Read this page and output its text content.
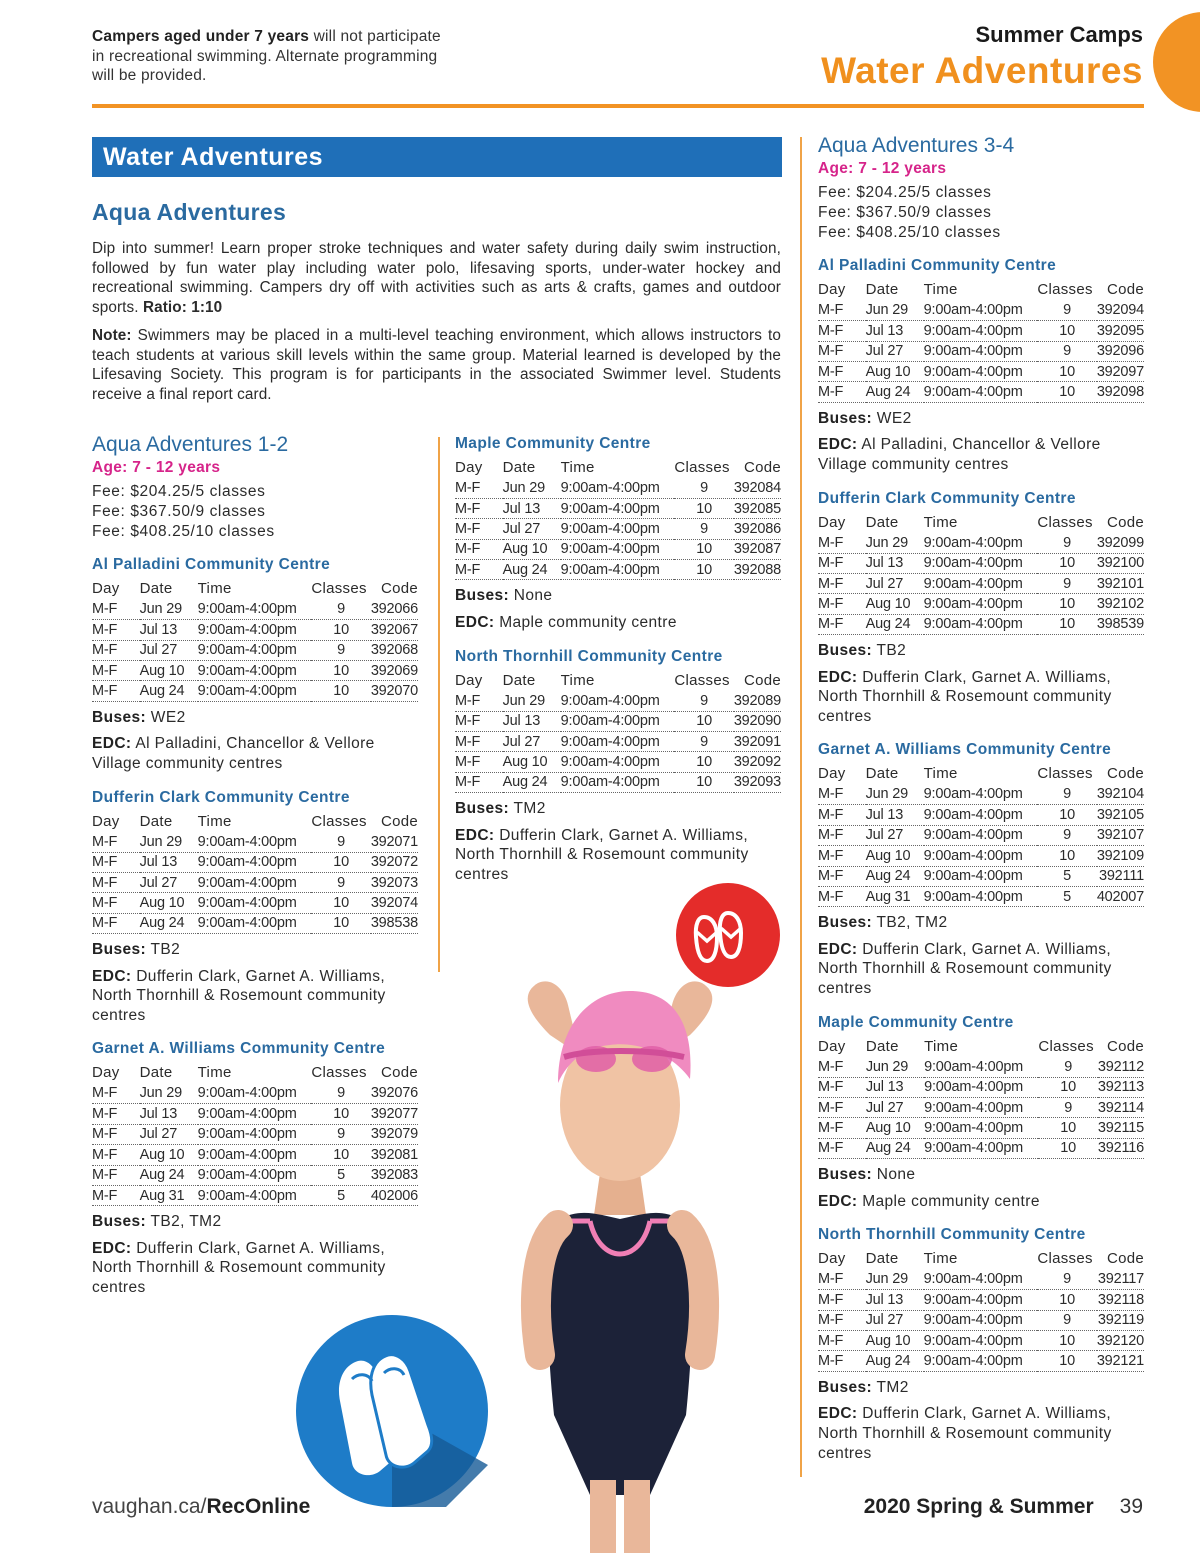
Campers aged under 7 years will not participate in recreational swimming. Alternate programming will be provided.
Summer Camps
Water Adventures
Water Adventures
Aqua Adventures
Dip into summer! Learn proper stroke techniques and water safety during daily swim instruction, followed by fun water play including water polo, lifesaving sports, under-water hockey and recreational swimming. Campers dry off with activities such as arts & crafts, games and outdoor sports. Ratio: 1:10
Note: Swimmers may be placed in a multi-level teaching environment, which allows instructors to teach students at various skill levels within the same group. Material learned is developed by the Lifesaving Society. This program is for participants in the associated Swimmer level. Students receive a final report card.
Aqua Adventures 1-2
Age: 7 - 12 years
Fee: $204.25/5 classes
Fee: $367.50/9 classes
Fee: $408.25/10 classes
Al Palladini Community Centre
Day	Date	Time	Classes	Code
M-F	Jun 29	9:00am-4:00pm	9	392066
M-F	Jul 13	9:00am-4:00pm	10	392067
M-F	Jul 27	9:00am-4:00pm	9	392068
M-F	Aug 10	9:00am-4:00pm	10	392069
M-F	Aug 24	9:00am-4:00pm	10	392070
Buses: WE2
EDC: Al Palladini, Chancellor & Vellore Village community centres
Dufferin Clark Community Centre
Day	Date	Time	Classes	Code
M-F	Jun 29	9:00am-4:00pm	9	392071
M-F	Jul 13	9:00am-4:00pm	10	392072
M-F	Jul 27	9:00am-4:00pm	9	392073
M-F	Aug 10	9:00am-4:00pm	10	392074
M-F	Aug 24	9:00am-4:00pm	10	398538
Buses: TB2
EDC: Dufferin Clark, Garnet A. Williams, North Thornhill & Rosemount community centres
Garnet A. Williams Community Centre
Day	Date	Time	Classes	Code
M-F	Jun 29	9:00am-4:00pm	9	392076
M-F	Jul 13	9:00am-4:00pm	10	392077
M-F	Jul 27	9:00am-4:00pm	9	392079
M-F	Aug 10	9:00am-4:00pm	10	392081
M-F	Aug 24	9:00am-4:00pm	5	392083
M-F	Aug 31	9:00am-4:00pm	5	402006
Buses: TB2, TM2
EDC: Dufferin Clark, Garnet A. Williams, North Thornhill & Rosemount community centres
Maple Community Centre
Day	Date	Time	Classes	Code
M-F	Jun 29	9:00am-4:00pm	9	392084
M-F	Jul 13	9:00am-4:00pm	10	392085
M-F	Jul 27	9:00am-4:00pm	9	392086
M-F	Aug 10	9:00am-4:00pm	10	392087
M-F	Aug 24	9:00am-4:00pm	10	392088
Buses: None
EDC: Maple community centre
North Thornhill Community Centre
Day	Date	Time	Classes	Code
M-F	Jun 29	9:00am-4:00pm	9	392089
M-F	Jul 13	9:00am-4:00pm	10	392090
M-F	Jul 27	9:00am-4:00pm	9	392091
M-F	Aug 10	9:00am-4:00pm	10	392092
M-F	Aug 24	9:00am-4:00pm	10	392093
Buses: TM2
EDC: Dufferin Clark, Garnet A. Williams, North Thornhill & Rosemount community centres
Aqua Adventures 3-4
Age: 7 - 12 years
Fee: $204.25/5 classes
Fee: $367.50/9 classes
Fee: $408.25/10 classes
Al Palladini Community Centre
Day	Date	Time	Classes	Code
M-F	Jun 29	9:00am-4:00pm	9	392094
M-F	Jul 13	9:00am-4:00pm	10	392095
M-F	Jul 27	9:00am-4:00pm	9	392096
M-F	Aug 10	9:00am-4:00pm	10	392097
M-F	Aug 24	9:00am-4:00pm	10	392098
Buses: WE2
EDC: Al Palladini, Chancellor & Vellore Village community centres
Dufferin Clark Community Centre
Day	Date	Time	Classes	Code
M-F	Jun 29	9:00am-4:00pm	9	392099
M-F	Jul 13	9:00am-4:00pm	10	392100
M-F	Jul 27	9:00am-4:00pm	9	392101
M-F	Aug 10	9:00am-4:00pm	10	392102
M-F	Aug 24	9:00am-4:00pm	10	398539
Buses: TB2
EDC: Dufferin Clark, Garnet A. Williams, North Thornhill & Rosemount community centres
Garnet A. Williams Community Centre
Day	Date	Time	Classes	Code
M-F	Jun 29	9:00am-4:00pm	9	392104
M-F	Jul 13	9:00am-4:00pm	10	392105
M-F	Jul 27	9:00am-4:00pm	9	392107
M-F	Aug 10	9:00am-4:00pm	10	392109
M-F	Aug 24	9:00am-4:00pm	5	392111
M-F	Aug 31	9:00am-4:00pm	5	402007
Buses: TB2, TM2
EDC: Dufferin Clark, Garnet A. Williams, North Thornhill & Rosemount community centres
Maple Community Centre
Day	Date	Time	Classes	Code
M-F	Jun 29	9:00am-4:00pm	9	392112
M-F	Jul 13	9:00am-4:00pm	10	392113
M-F	Jul 27	9:00am-4:00pm	9	392114
M-F	Aug 10	9:00am-4:00pm	10	392115
M-F	Aug 24	9:00am-4:00pm	10	392116
Buses: None
EDC: Maple community centre
North Thornhill Community Centre
Day	Date	Time	Classes	Code
M-F	Jun 29	9:00am-4:00pm	9	392117
M-F	Jul 13	9:00am-4:00pm	10	392118
M-F	Jul 27	9:00am-4:00pm	9	392119
M-F	Aug 10	9:00am-4:00pm	10	392120
M-F	Aug 24	9:00am-4:00pm	10	392121
Buses: TM2
EDC: Dufferin Clark, Garnet A. Williams, North Thornhill & Rosemount community centres
vaughan.ca/RecOnline	2020 Spring & Summer 39
